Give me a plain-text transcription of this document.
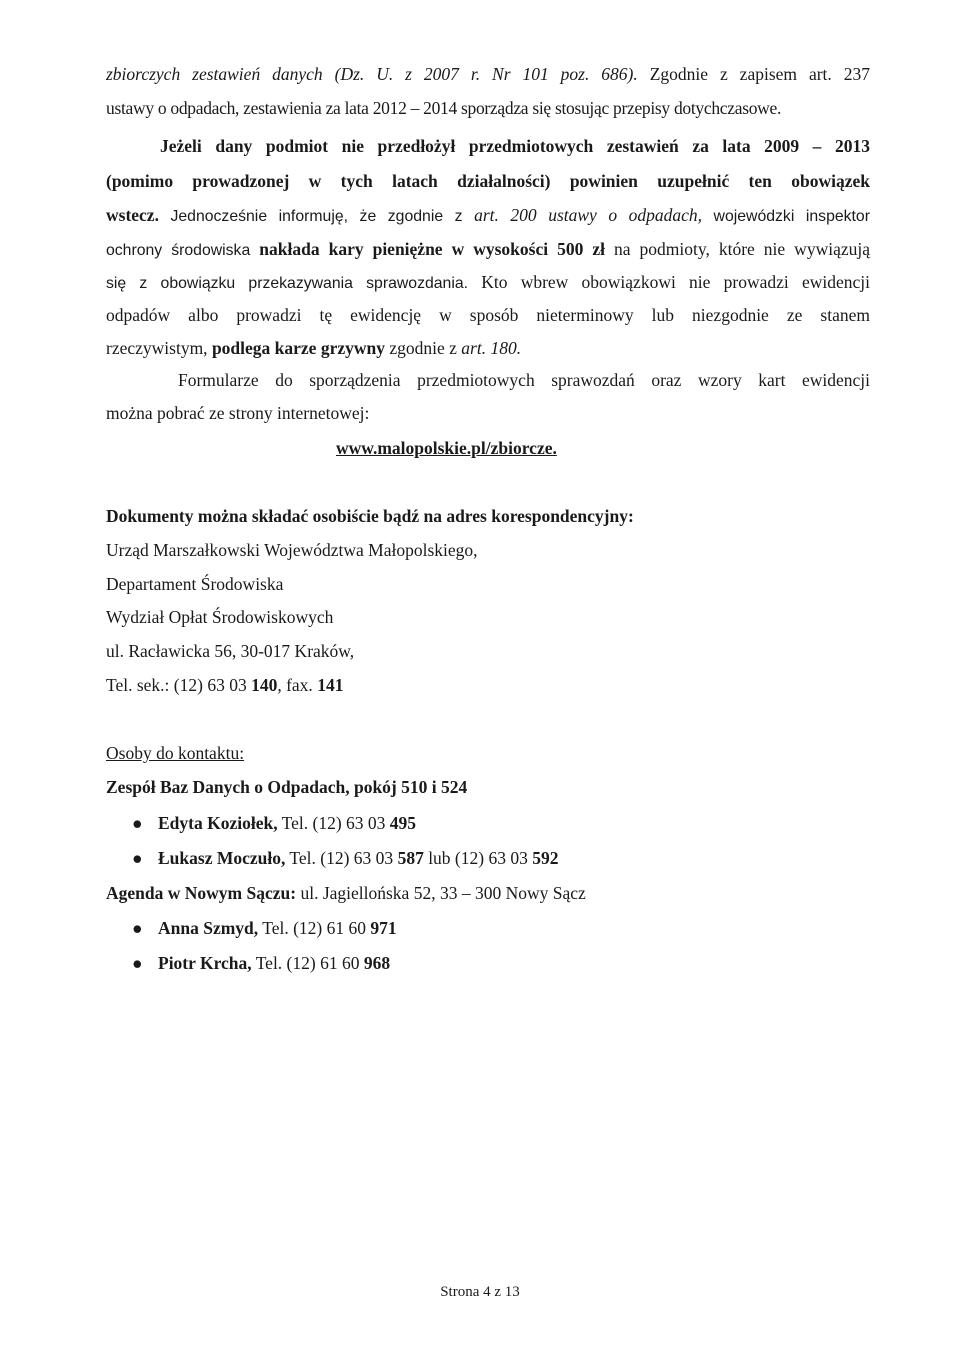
zbiorczych zestawień danych (Dz. U. z 2007 r. Nr 101 poz. 686). Zgodnie z zapisem art. 237
ustawy o odpadach, zestawienia za lata 2012 – 2014 sporządza się stosując przepisy dotychczasowe.
Jeżeli dany podmiot nie przedłożył przedmiotowych zestawień za lata 2009 – 2013
(pomimo prowadzonej w tych latach działalności) powinien uzupełnić ten obowiązek
wstecz. Jednocześnie informuję, że zgodnie z art. 200 ustawy o odpadach, wojewódzki inspektor
ochrony środowiska nakłada kary pieniężne w wysokości 500 zł na podmioty, które nie wywiązują
się z obowiązku przekazywania sprawozdania. Kto wbrew obowiązkowi nie prowadzi ewidencji
odpadów albo prowadzi tę ewidencję w sposób nieterminowy lub niezgodnie ze stanem
rzeczywistym, podlega karze grzywny zgodnie z art. 180.
Formularze do sporządzenia przedmiotowych sprawozdań oraz wzory kart ewidencji
można pobrać ze strony internetowej:
www.malopolskie.pl/zbiorcze.
Dokumenty można składać osobiście bądź na adres korespondencyjny:
Urząd Marszałkowski Województwa Małopolskiego,
Departament Środowiska
Wydział Opłat Środowiskowych
ul. Racławicka 56, 30-017 Kraków,
Tel. sek.: (12) 63 03 140, fax. 141
Osoby do kontaktu:
Zespół Baz Danych o Odpadach, pokój 510 i 524
● Edyta Koziołek, Tel. (12) 63 03 495
● Łukasz Moczuło, Tel. (12) 63 03 587 lub (12) 63 03 592
Agenda w Nowym Sączu: ul. Jagiellońska 52, 33 – 300 Nowy Sącz
● Anna Szmyd, Tel. (12) 61 60 971
● Piotr Krcha, Tel. (12) 61 60 968
Strona 4 z 13
